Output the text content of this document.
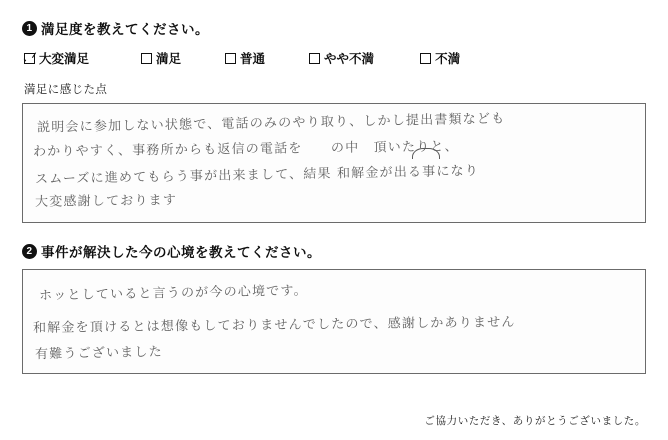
1 満足度を教えてください。
大変満足	満足	普通	やや不満	不満
満足に感じた点
説明会に参加しない状態で、電話のみのやり取り、しかし提出書類なども
わかりやすく、事務所からも返信の電話を　　の中　頂いたりと、
スムーズに進めてもらう事が出来まして、結果 和解金が出る事になり
大変感謝しております
2 事件が解決した今の心境を教えてください。
ホッとしていると言うのが今の心境です。
和解金を頂けるとは想像もしておりませんでしたので、感謝しかありません
有難うございました
ご協力いただき、ありがとうございました。
